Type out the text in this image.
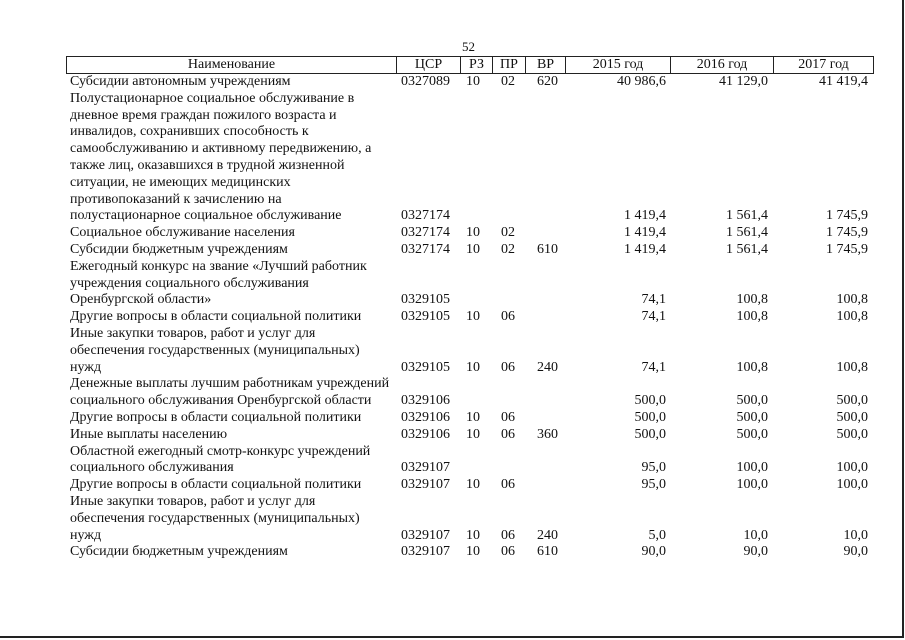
52
Наименование	ЦСР	РЗ	ПР	ВР	2015 год	2016 год	2017 год
Субсидии автономным учреждениям	0327089 10 02 620	40 986,6	41 129,0	41 419,4
Полустационарное социальное обслуживание в дневное время граждан пожилого возраста и инвалидов, сохранивших способность к самообслуживанию и активному передвижению, а также лиц, оказавшихся в трудной жизненной ситуации, не имеющих медицинских противопоказаний к зачислению на полустационарное социальное обслуживание	0327174	1 419,4	1 561,4	1 745,9
Социальное обслуживание населения	0327174 10 02	1 419,4	1 561,4	1 745,9
Субсидии бюджетным учреждениям	0327174 10 02 610	1 419,4	1 561,4	1 745,9
Ежегодный конкурс на звание «Лучший работник учреждения социального обслуживания Оренбургской области»	0329105	74,1	100,8	100,8
Другие вопросы в области социальной политики	0329105 10 06	74,1	100,8	100,8
Иные закупки товаров, работ и услуг для обеспечения государственных (муниципальных) нужд	0329105 10 06 240	74,1	100,8	100,8
Денежные выплаты лучшим работникам учреждений социального обслуживания Оренбургской области	0329106	500,0	500,0	500,0
Другие вопросы в области социальной политики	0329106 10 06	500,0	500,0	500,0
Иные выплаты населению	0329106 10 06 360	500,0	500,0	500,0
Областной ежегодный смотр-конкурс учреждений социального обслуживания	0329107	95,0	100,0	100,0
Другие вопросы в области социальной политики	0329107 10 06	95,0	100,0	100,0
Иные закупки товаров, работ и услуг для обеспечения государственных (муниципальных) нужд	0329107 10 06 240	5,0	10,0	10,0
Субсидии бюджетным учреждениям	0329107 10 06 610	90,0	90,0	90,0
